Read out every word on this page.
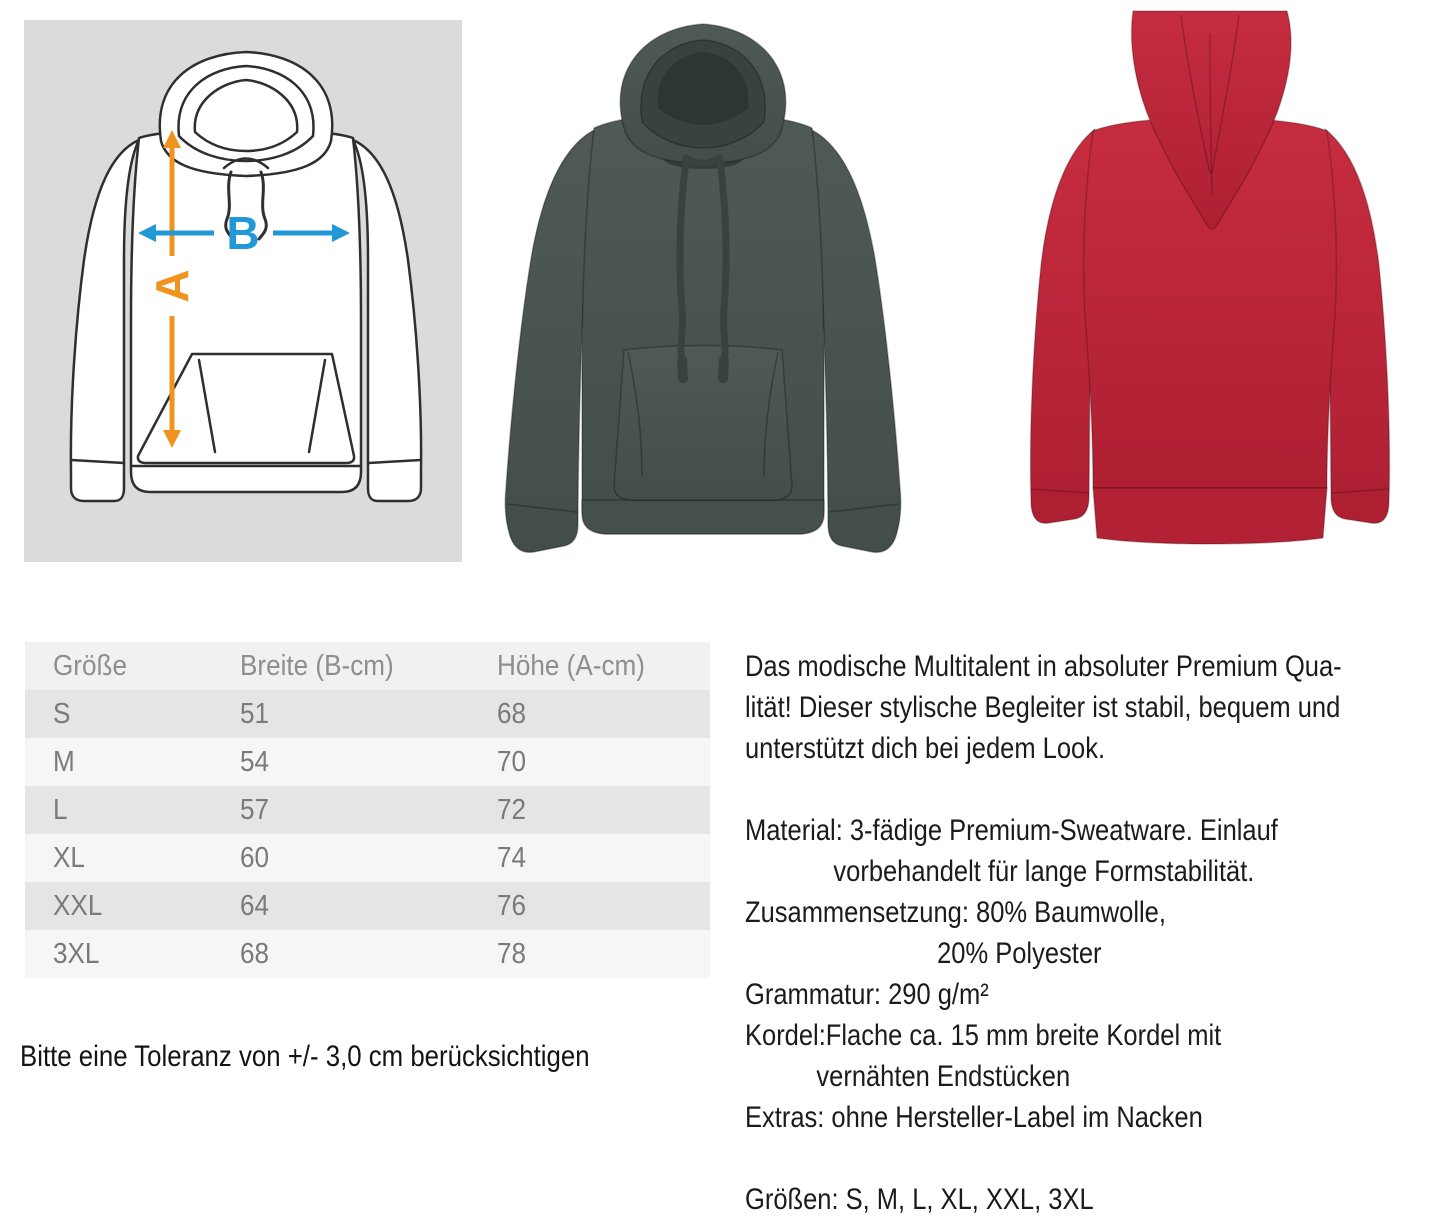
A
B
Größe	Breite (B-cm)	Höhe (A-cm)
S	51	68
M	54	70
L	57	72
XL	60	74
XXL	64	76
3XL	68	78
Bitte eine Toleranz von +/- 3,0 cm berücksichtigen
Das modische Multitalent in absoluter Premium Qua-
lität! Dieser stylische Begleiter ist stabil, bequem und
unterstützt dich bei jedem Look.
Material: 3-fädige Premium-Sweatware. Einlauf
vorbehandelt für lange Formstabilität.
Zusammensetzung: 80% Baumwolle,
20% Polyester
Grammatur: 290 g/m²
Kordel:Flache ca. 15 mm breite Kordel mit
vernähten Endstücken
Extras: ohne Hersteller-Label im Nacken
Größen: S, M, L, XL, XXL, 3XL
